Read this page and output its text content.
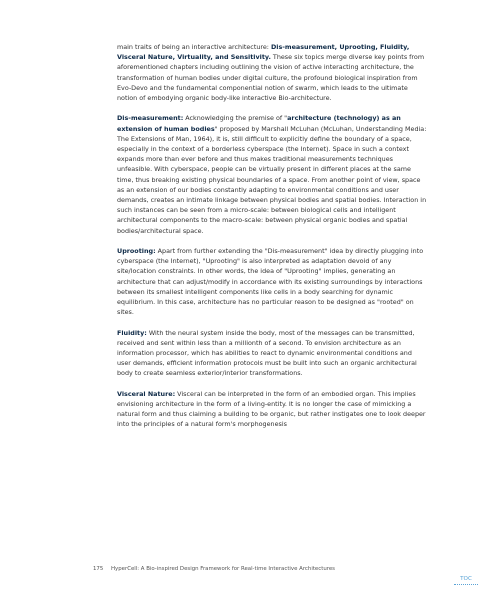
main traits of being an interactive architecture: Dis-measurement, Uprooting, Fluidity, Visceral Nature, Virtuality, and Sensitivity. These six topics merge diverse key points from aforementioned chapters including outlining the vision of active interacting architecture, the transformation of human bodies under digital culture, the profound biological inspiration from Evo-Devo and the fundamental componential notion of swarm, which leads to the ultimate notion of embodying organic body-like interactive Bio-architecture.

Dis-measurement: Acknowledging the premise of "architecture (technology) as an extension of human bodies" proposed by Marshall McLuhan (McLuhan, Understanding Media: The Extensions of Man, 1964), it is, still difficult to explicitly define the boundary of a space, especially in the context of a borderless cyberspace (the Internet). Space in such a context expands more than ever before and thus makes traditional measurements techniques unfeasible. With cyberspace, people can be virtually present in different places at the same time, thus breaking existing physical boundaries of a space. From another point of view, space as an extension of our bodies constantly adapting to environmental conditions and user demands, creates an intimate linkage between physical bodies and spatial bodies. Interaction in such instances can be seen from a micro-scale: between biological cells and intelligent architectural components to the macro-scale: between physical organic bodies and spatial bodies/architectural space.

Uprooting: Apart from further extending the "Dis-measurement" idea by directly plugging into cyberspace (the Internet), "Uprooting" is also interpreted as adaptation devoid of any site/location constraints. In other words, the idea of "Uprooting" implies, generating an architecture that can adjust/modify in accordance with its existing surroundings by interactions between its smallest intelligent components like cells in a body searching for dynamic equilibrium. In this case, architecture has no particular reason to be designed as "rooted" on sites.

Fluidity: With the neural system inside the body, most of the messages can be transmitted, received and sent within less than a millionth of a second. To envision architecture as an information processor, which has abilities to react to dynamic environmental conditions and user demands, efficient information protocols must be built into such an organic architectural body to create seamless exterior/interior transformations.

Visceral Nature: Visceral can be interpreted in the form of an embodied organ. This implies envisioning architecture in the form of a living-entity. It is no longer the case of mimicking a natural form and thus claiming a building to be organic, but rather instigates one to look deeper into the principles of a natural form's morphogenesis

175 HyperCell: A Bio-inspired Design Framework for Real-time Interactive Architectures
TOC
